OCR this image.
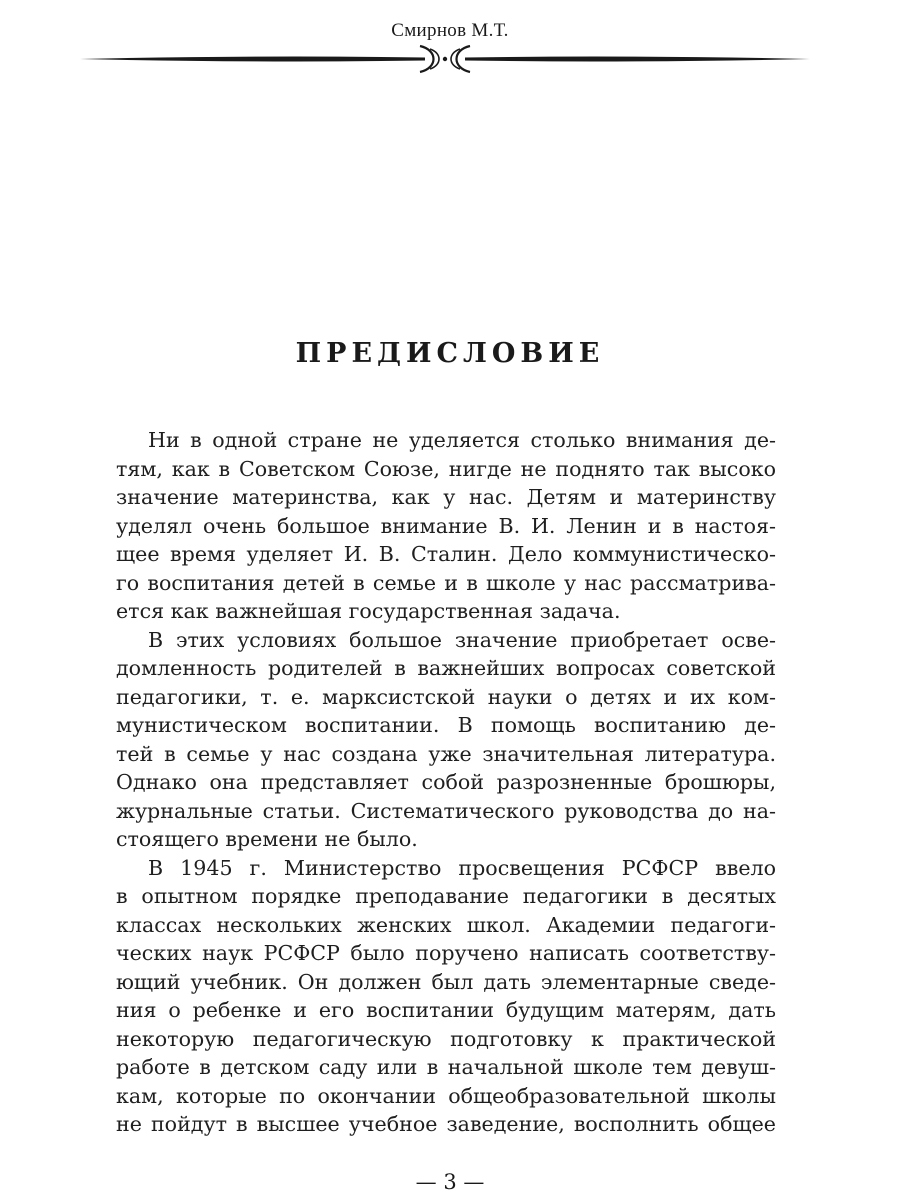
Смирнов М.Т.
ПРЕДИСЛОВИЕ
Ни в одной стране не уделяется столько внимания де-
тям, как в Советском Союзе, нигде не поднято так высоко
значение материнства, как у нас. Детям и материнству
уделял очень большое внимание В. И. Ленин и в настоя-
щее время уделяет И. В. Сталин. Дело коммунистическо-
го воспитания детей в семье и в школе у нас рассматрива-
ется как важнейшая государственная задача.
В этих условиях большое значение приобретает осве-
домленность родителей в важнейших вопросах советской
педагогики, т. е. марксистской науки о детях и их ком-
мунистическом воспитании. В помощь воспитанию де-
тей в семье у нас создана уже значительная литература.
Однако она представляет собой разрозненные брошюры,
журнальные статьи. Систематического руководства до на-
стоящего времени не было.
В 1945 г. Министерство просвещения РСФСР ввело
в опытном порядке преподавание педагогики в десятых
классах нескольких женских школ. Академии педагоги-
ческих наук РСФСР было поручено написать соответству-
ющий учебник. Он должен был дать элементарные сведе-
ния о ребенке и его воспитании будущим матерям, дать
некоторую педагогическую подготовку к практической
работе в детском саду или в начальной школе тем девуш-
кам, которые по окончании общеобразовательной школы
не пойдут в высшее учебное заведение, восполнить общее
— 3 —
